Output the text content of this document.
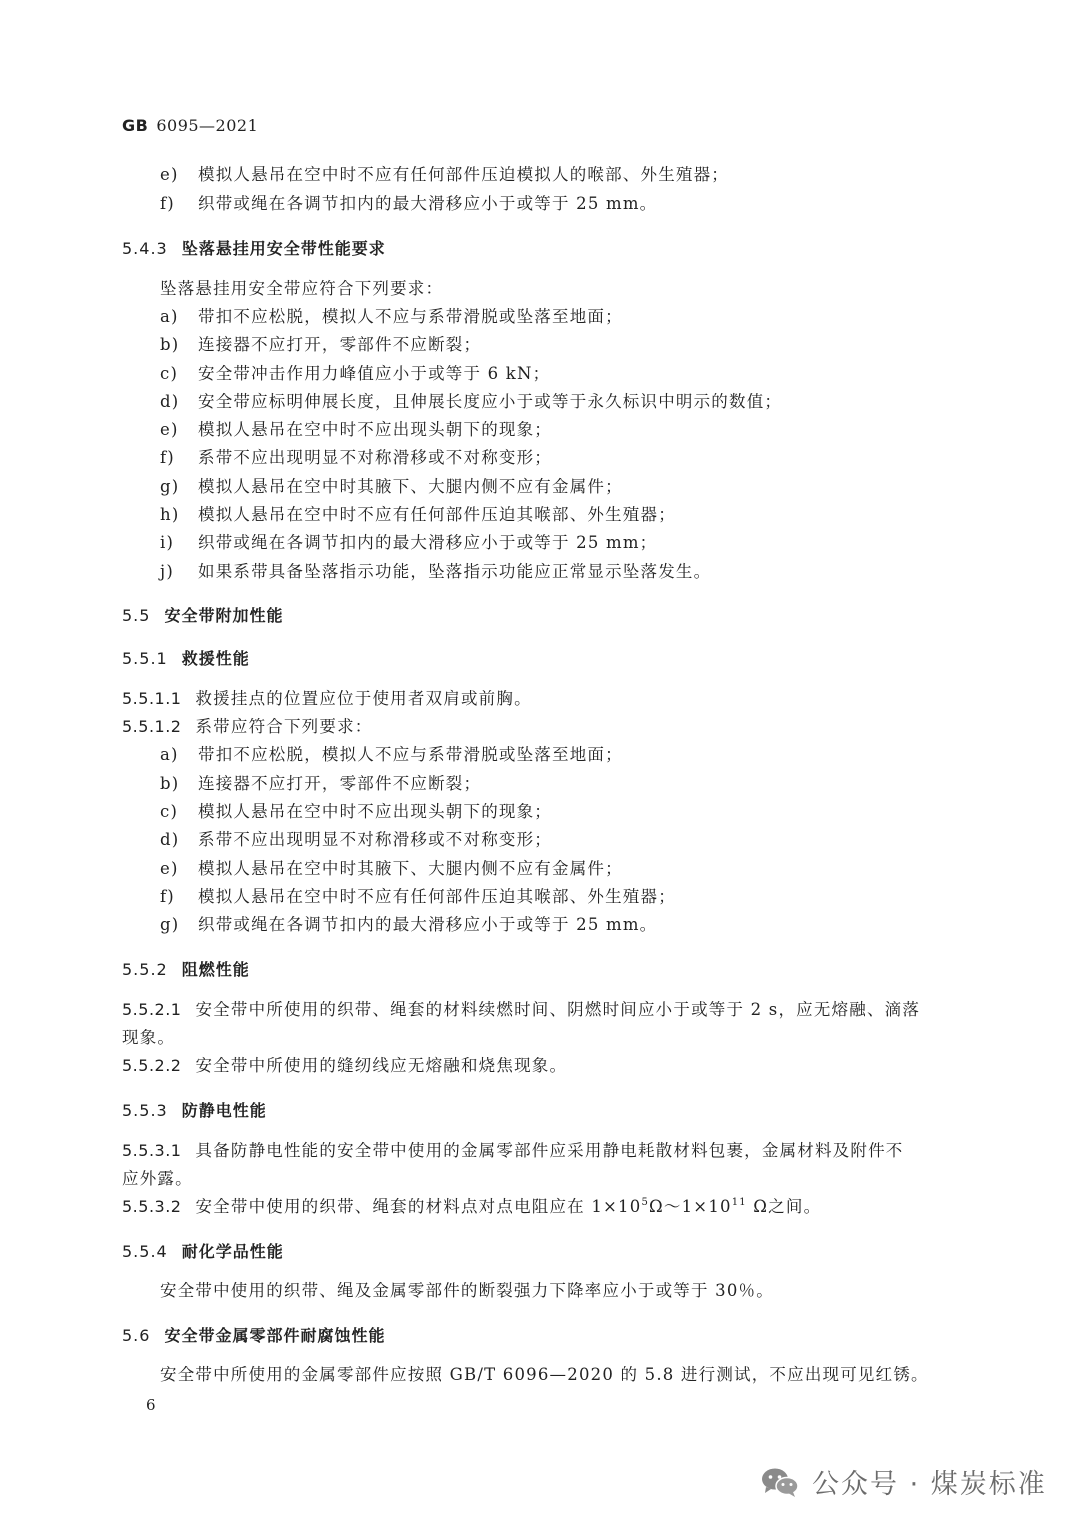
GB 6095—2021
e) 模拟人悬吊在空中时不应有任何部件压迫模拟人的喉部、外生殖器；
f) 织带或绳在各调节扣内的最大滑移应小于或等于 25 mm。
5.4.3 坠落悬挂用安全带性能要求
坠落悬挂用安全带应符合下列要求：
a) 带扣不应松脱，模拟人不应与系带滑脱或坠落至地面；
b) 连接器不应打开，零部件不应断裂；
c) 安全带冲击作用力峰值应小于或等于 6 kN；
d) 安全带应标明伸展长度，且伸展长度应小于或等于永久标识中明示的数值；
e) 模拟人悬吊在空中时不应出现头朝下的现象；
f) 系带不应出现明显不对称滑移或不对称变形；
g) 模拟人悬吊在空中时其腋下、大腿内侧不应有金属件；
h) 模拟人悬吊在空中时不应有任何部件压迫其喉部、外生殖器；
i) 织带或绳在各调节扣内的最大滑移应小于或等于 25 mm；
j) 如果系带具备坠落指示功能，坠落指示功能应正常显示坠落发生。
5.5 安全带附加性能
5.5.1 救援性能
5.5.1.1 救援挂点的位置应位于使用者双肩或前胸。
5.5.1.2 系带应符合下列要求：
a) 带扣不应松脱，模拟人不应与系带滑脱或坠落至地面；
b) 连接器不应打开，零部件不应断裂；
c) 模拟人悬吊在空中时不应出现头朝下的现象；
d) 系带不应出现明显不对称滑移或不对称变形；
e) 模拟人悬吊在空中时其腋下、大腿内侧不应有金属件；
f) 模拟人悬吊在空中时不应有任何部件压迫其喉部、外生殖器；
g) 织带或绳在各调节扣内的最大滑移应小于或等于 25 mm。
5.5.2 阻燃性能
5.5.2.1 安全带中所使用的织带、绳套的材料续燃时间、阴燃时间应小于或等于 2 s，应无熔融、滴落
现象。
5.5.2.2 安全带中所使用的缝纫线应无熔融和烧焦现象。
5.5.3 防静电性能
5.5.3.1 具备防静电性能的安全带中使用的金属零部件应采用静电耗散材料包裹，金属材料及附件不
应外露。
5.5.3.2 安全带中使用的织带、绳套的材料点对点电阻应在 $1\times 10^5\Omega\sim 1\times 10^{11}$ Ω之间。
5.5.4 耐化学品性能
安全带中使用的织带、绳及金属零部件的断裂强力下降率应小于或等于 30％。
5.6 安全带金属零部件耐腐蚀性能
安全带中所使用的金属零部件应按照 GB/T 6096—2020 的 5.8 进行测试，不应出现可见红锈。
6
公众号 · 煤炭标准
